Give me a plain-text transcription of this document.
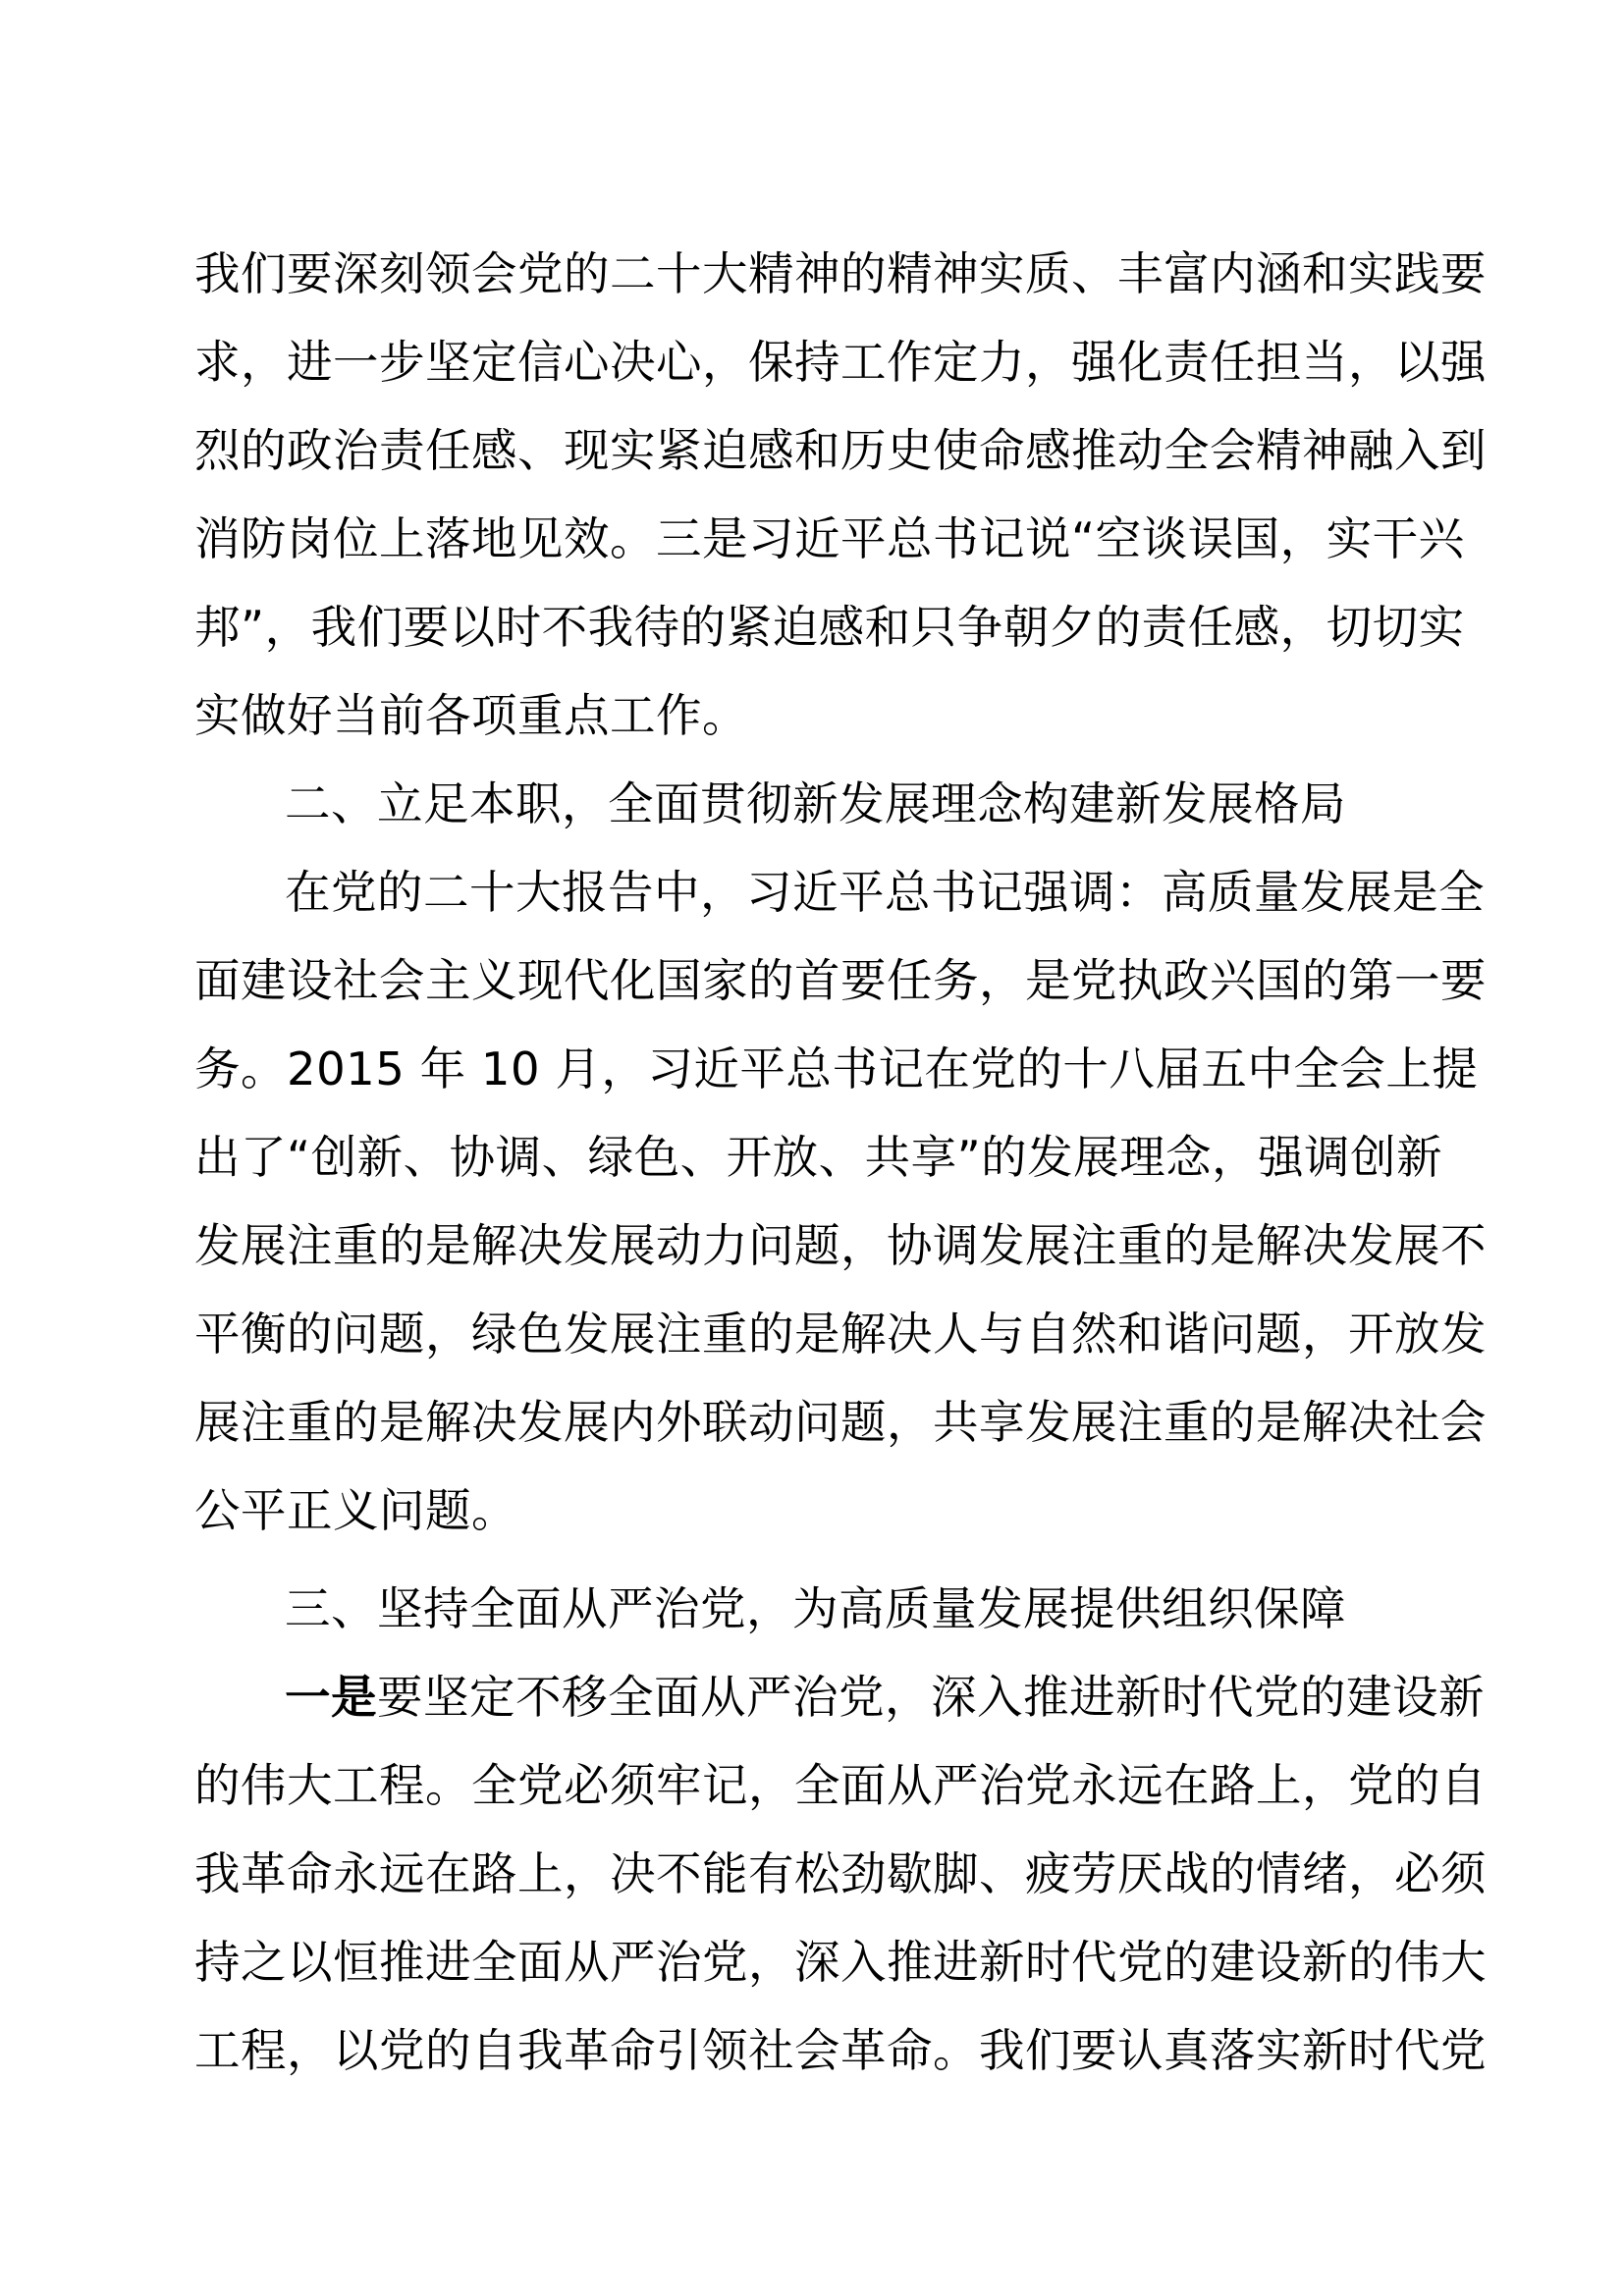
我们要深刻领会党的二十大精神的精神实质、丰富内涵和实践要
求，进一步坚定信心决心，保持工作定力，强化责任担当，以强
烈的政治责任感、现实紧迫感和历史使命感推动全会精神融入到
消防岗位上落地见效。三是习近平总书记说“空谈误国，实干兴
邦”，我们要以时不我待的紧迫感和只争朝夕的责任感，切切实
实做好当前各项重点工作。
二、立足本职，全面贯彻新发展理念构建新发展格局
在党的二十大报告中，习近平总书记强调：高质量发展是全
面建设社会主义现代化国家的首要任务，是党执政兴国的第一要
务。2015 年 10 月，习近平总书记在党的十八届五中全会上提
出了“创新、协调、绿色、开放、共享”的发展理念，强调创新
发展注重的是解决发展动力问题，协调发展注重的是解决发展不
平衡的问题，绿色发展注重的是解决人与自然和谐问题，开放发
展注重的是解决发展内外联动问题，共享发展注重的是解决社会
公平正义问题。
三、坚持全面从严治党，为高质量发展提供组织保障
一是要坚定不移全面从严治党，深入推进新时代党的建设新
的伟大工程。全党必须牢记，全面从严治党永远在路上，党的自
我革命永远在路上，决不能有松劲歇脚、疲劳厌战的情绪，必须
持之以恒推进全面从严治党，深入推进新时代党的建设新的伟大
工程，以党的自我革命引领社会革命。我们要认真落实新时代党
